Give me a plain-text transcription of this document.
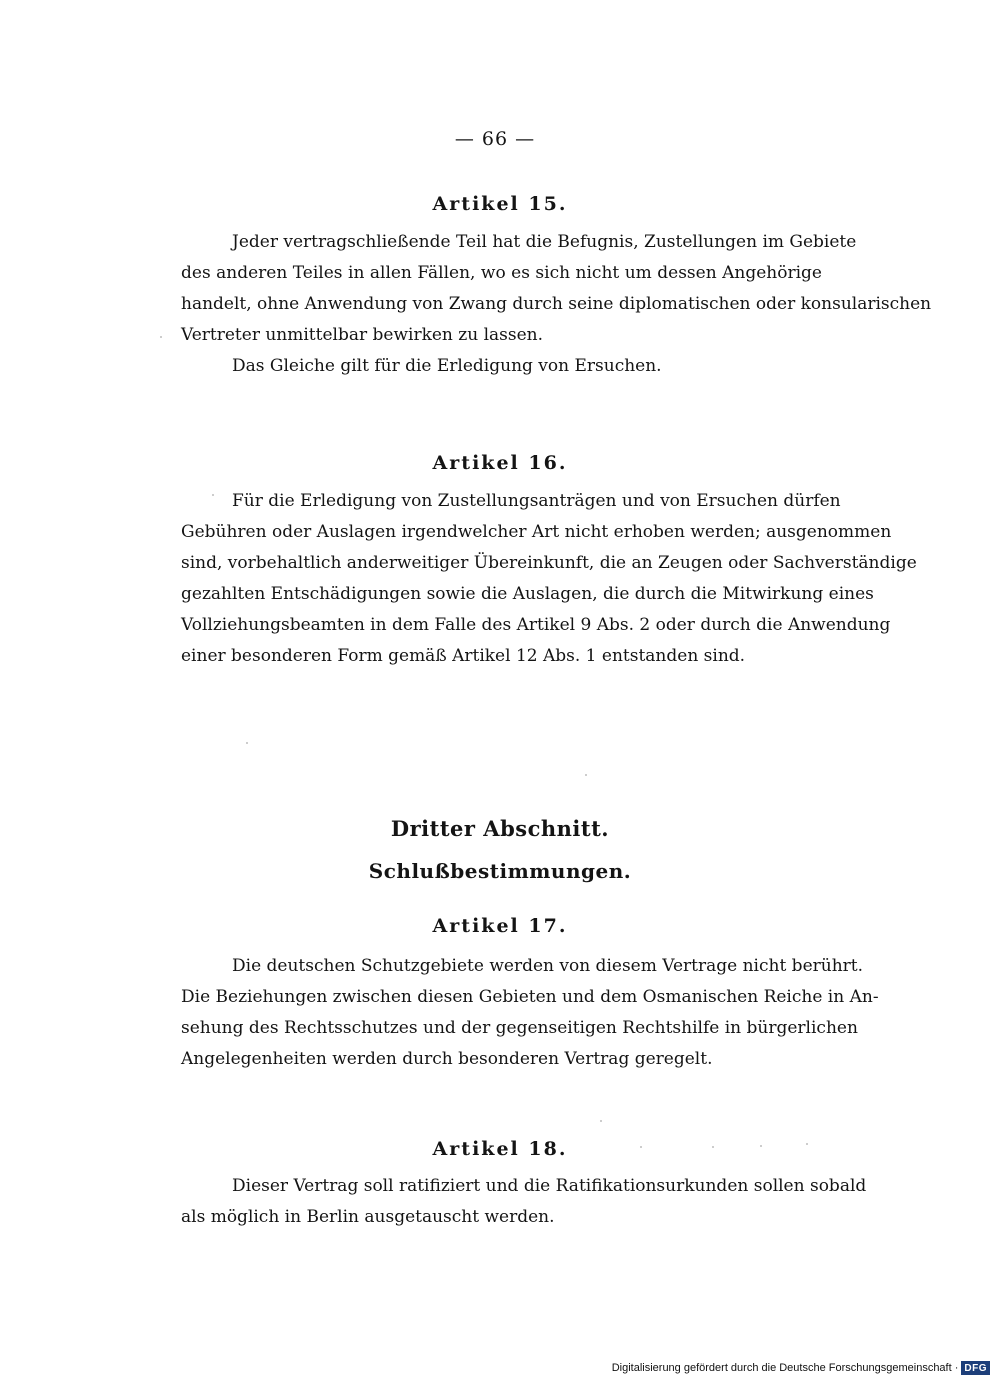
— 66 —
Artikel 15.
Jeder vertragschließende Teil hat die Befugnis, Zustellungen im Gebiete
des anderen Teiles in allen Fällen, wo es sich nicht um dessen Angehörige
handelt, ohne Anwendung von Zwang durch seine diplomatischen oder konsularischen
Vertreter unmittelbar bewirken zu lassen.
Das Gleiche gilt für die Erledigung von Ersuchen.
Artikel 16.
Für die Erledigung von Zustellungsanträgen und von Ersuchen dürfen
Gebühren oder Auslagen irgendwelcher Art nicht erhoben werden; ausgenommen
sind, vorbehaltlich anderweitiger Übereinkunft, die an Zeugen oder Sachverständige
gezahlten Entschädigungen sowie die Auslagen, die durch die Mitwirkung eines
Vollziehungsbeamten in dem Falle des Artikel 9 Abs. 2 oder durch die Anwendung
einer besonderen Form gemäß Artikel 12 Abs. 1 entstanden sind.
Dritter Abschnitt.
Schlußbestimmungen.
Artikel 17.
Die deutschen Schutzgebiete werden von diesem Vertrage nicht berührt.
Die Beziehungen zwischen diesen Gebieten und dem Osmanischen Reiche in An-
sehung des Rechtsschutzes und der gegenseitigen Rechtshilfe in bürgerlichen
Angelegenheiten werden durch besonderen Vertrag geregelt.
Artikel 18.
Dieser Vertrag soll ratifiziert und die Ratifikationsurkunden sollen sobald
als möglich in Berlin ausgetauscht werden.
Digitalisierung gefördert durch die Deutsche Forschungsgemeinschaft · DFG
